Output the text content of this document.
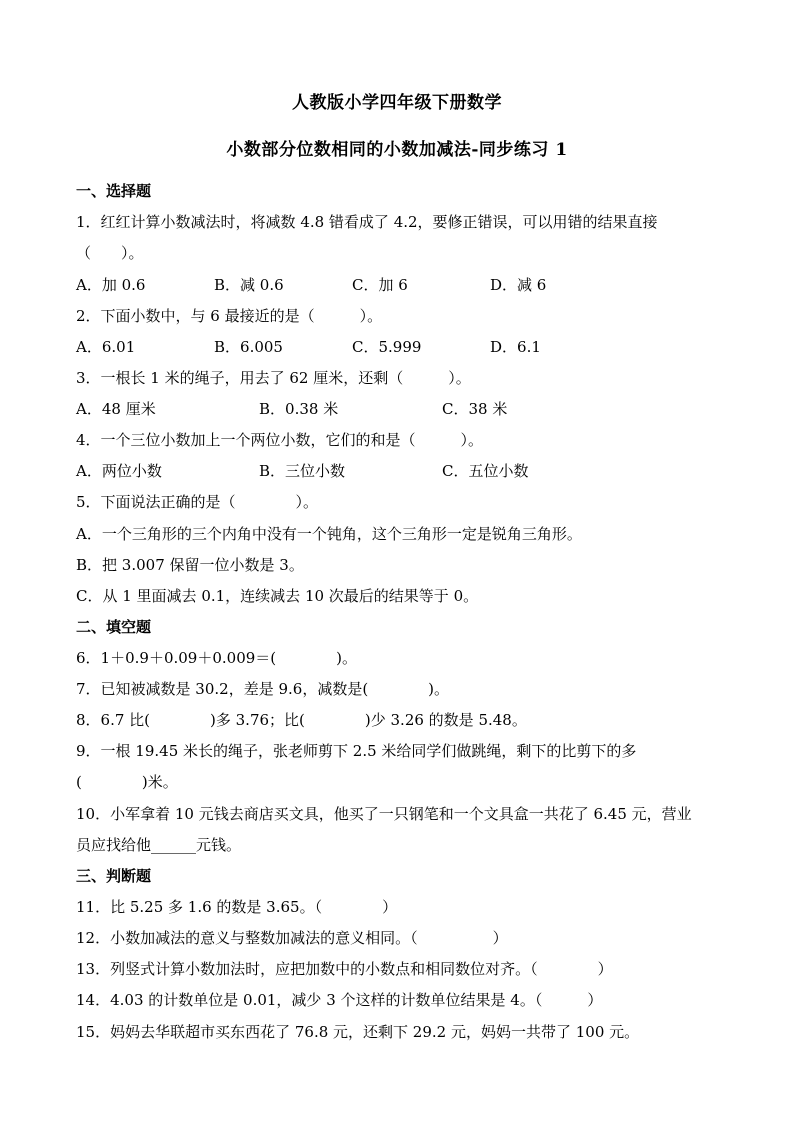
人教版小学四年级下册数学
小数部分位数相同的小数加减法-同步练习 1
一、选择题
1．红红计算小数减法时，将减数 4.8 错看成了 4.2，要修正错误，可以用错的结果直接
（　　）。
A．加 0.6	B．减 0.6	C．加 6	D．减 6
2．下面小数中，与 6 最接近的是（　　　）。
A．6.01	B．6.005	C．5.999	D．6.1
3．一根长 1 米的绳子，用去了 62 厘米，还剩（　　　）。
A．48 厘米	B．0.38 米	C．38 米
4．一个三位小数加上一个两位小数，它们的和是（　　　）。
A．两位小数	B．三位小数	C．五位小数
5．下面说法正确的是（　　　　）。
A．一个三角形的三个内角中没有一个钝角，这个三角形一定是锐角三角形。
B．把 3.007 保留一位小数是 3。
C．从 1 里面减去 0.1，连续减去 10 次最后的结果等于 0。
二、填空题
6．1＋0.9＋0.09＋0.009＝(　　　　)。
7．已知被减数是 30.2，差是 9.6，减数是(　　　　)。
8．6.7 比(　　　　)多 3.76；比(　　　　)少 3.26 的数是 5.48。
9．一根 19.45 米长的绳子，张老师剪下 2.5 米给同学们做跳绳，剩下的比剪下的多
(　　　　)米。
10．小军拿着 10 元钱去商店买文具，他买了一只钢笔和一个文具盒一共花了 6.45 元，营业
员应找给他______元钱。
三、判断题
11．比 5.25 多 1.6 的数是 3.65。（　　　　）
12．小数加减法的意义与整数加减法的意义相同。（　　　　　）
13．列竖式计算小数加法时，应把加数中的小数点和相同数位对齐。（　　　　）
14．4.03 的计数单位是 0.01，减少 3 个这样的计数单位结果是 4。（　　　）
15．妈妈去华联超市买东西花了 76.8 元，还剩下 29.2 元，妈妈一共带了 100 元。
